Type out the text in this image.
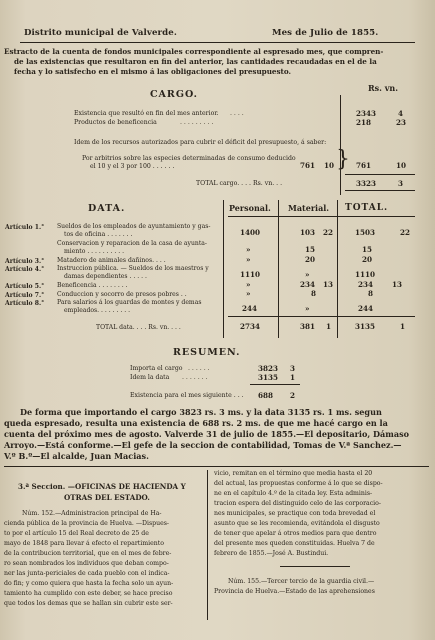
Distrito municipal de Valverde.	Mes de Julio de 1855.
Estracto de la cuenta de fondos municipales correspondiente al espresado mes, que compren-
de las existencias que resultaron en fin del anterior, las cantidades recaudadas en el de la
fecha y lo satisfecho en el mismo á las obligaciones del presupuesto.
CARGO.
Rs. vn.
Existencia que resultó en fin del mes anterior. . . . .	2343	4
Productos de beneficencia	. . . . . . . . .	218	23
Idem de los recursos autorizados para cubrir el déficit del presupuesto, á saber:
Por arbitrios sobre las especies determinadas de consumo deducido
el 10 y el 3 por 100 . . . . . .	761 10 } 761	10
TOTAL cargo. . . . Rs. vn. . .	3323	3
DATA.	Personal. Material. TOTAL.
Artículo 1.° Sueldos de los empleados de ayuntamiento y gas-
tos de oficina . . . . . . .	1400	103 22	1503	22
Conservacion y reparacion de la casa de ayunta-
miento . . . . . . . . . .	»	15	15
Artículo 3.° Matadero de animales dañinos. . . .	»	20	20
Artículo 4.° Instruccion pública. — Sueldos de los maestros y
damas dependientes . . . . .	1110	»	1110
Artículo 5.° Beneficencia . . . . . . . .	»	234 13	234	13
Artículo 7.° Conduccion y socorro de presos pobres . .	»	8	8
Artículo 8.° Para salarios á los guardas de montes y demas
empleados. . . . . . . . .	244	»	244
TOTAL data. . . . Rs. vn. . . .	2734	381 1	3135	1
RESUMEN.
Importa el cargo . . . . . .	3823 3
Idem la data . . . . . . .	3135 1
Existencia para el mes siguiente . . . 688 2
De forma que importando el cargo 3823 rs. 3 ms. y la data 3135 rs. 1 ms. segun
queda espresado, resulta una existencia de 688 rs. 2 ms. de que me hacé cargo en la
cuenta del próximo mes de agosto. Valverde 31 de julio de 1855.—El depositario, Dámaso
Arroyo.—Está conforme.—El gefe de la seccion de contabilidad, Tomas de V.ª Sanchez.—
V.º B.º—El alcalde, Juan Macias.
3.ª Seccion. —OFICINAS DE HACIENDA Y
OTRAS DEL ESTADO.
Núm. 152.—Administracion principal de Ha-
cienda pública de la provincia de Huelva. —Dispues-
to por el artículo 15 del Real decreto de 25 de
mayo de 1848 para llevar á efecto el repartimiento
de la contribucion territorial, que en el mes de febre-
ro sean nombrados los individuos que deban compo-
ner las junta-periciales de cada pueblo con el indica-
do fin; y como quiera que hasta la fecha solo un ayun-
tamiento ha cumplido con este deber, se hace preciso
que todos los demas que se hallan sin cubrir este ser-
vicio, remitan en el término que media hasta el 20
del actual, las propuestas conforme á lo que se dispo-
ne en el capítulo 4.º de la citada ley. Esta adminis-
tracion espera del distinguido celo de las corporacio-
nes municipales, se practique con toda brevedad el
asunto que se les recomienda, evitándola el disgusto
de tener que apelar á otros medios para que dentro
del presente mes queden constituidas. Huelva 7 de
febrero de 1855.—José A. Bustindui.
Núm. 155.—Tercer tercio de la guardia civil.—
Provincia de Huelva.—Estado de las aprehensiones
